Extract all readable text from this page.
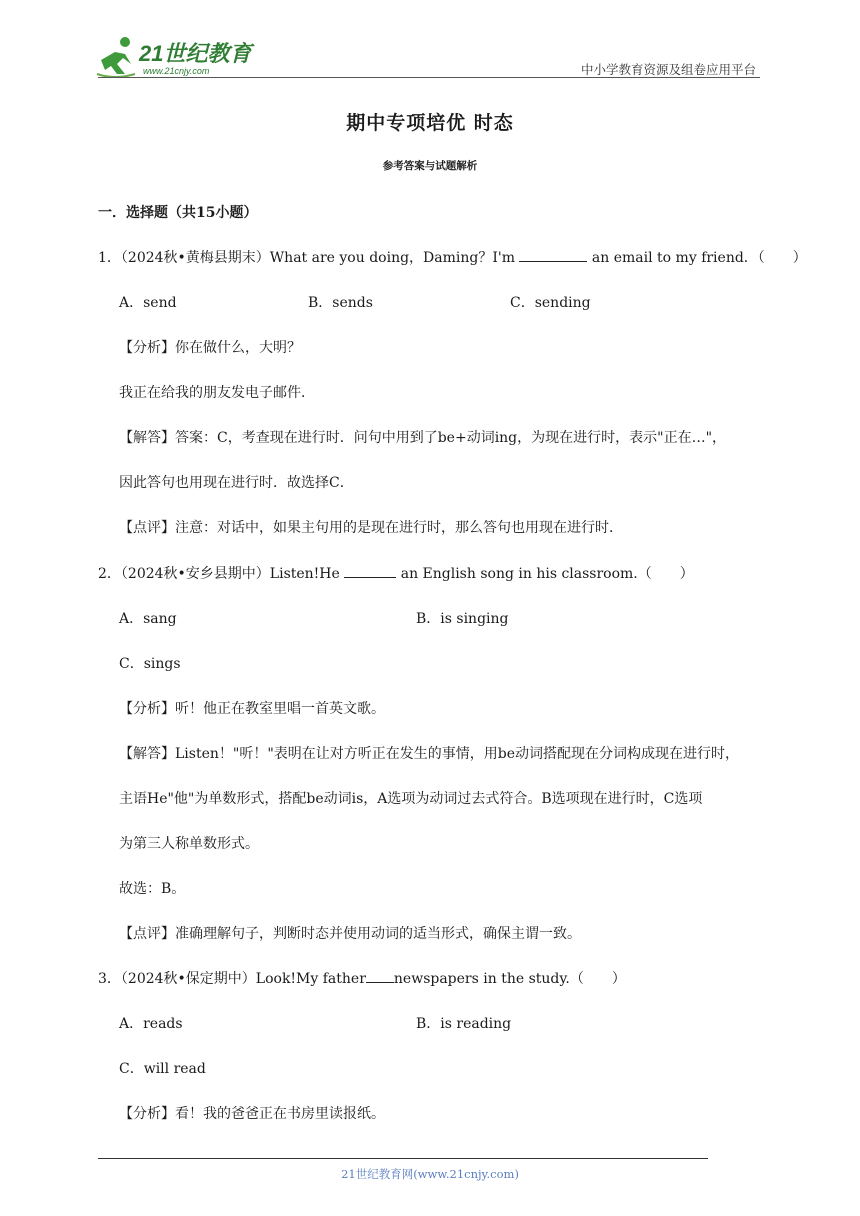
21世纪教育
www.21cnjy.com	中小学教育资源及组卷应用平台
期中专项培优 时态
参考答案与试题解析
一．选择题（共15小题）
1．（2024秋•黄梅县期末）What are you doing，Daming？I'm	an email to my friend．（　　）
A．send	B．sends	C．sending
【分析】你在做什么，大明？
我正在给我的朋友发电子邮件．
【解答】答案：C，考查现在进行时．问句中用到了be+动词ing，为现在进行时，表示"正在…"，
因此答句也用现在进行时．故选择C．
【点评】注意：对话中，如果主句用的是现在进行时，那么答句也用现在进行时．
2．（2024秋•安乡县期中）Listen!He	an English song in his classroom.（　　）
A．sang	B．is singing
C．sings
【分析】听！他正在教室里唱一首英文歌。
【解答】Listen！"听！"表明在让对方听正在发生的事情，用be动词搭配现在分词构成现在进行时，
主语He"他"为单数形式，搭配be动词is，A选项为动词过去式符合。B选项现在进行时，C选项
为第三人称单数形式。
故选：B。
【点评】准确理解句子，判断时态并使用动词的适当形式，确保主谓一致。
3．（2024秋•保定期中）Look!My father newspapers in the study.（　　）
A．reads	B．is reading
C．will read
【分析】看！我的爸爸正在书房里读报纸。
21世纪教育网(www.21cnjy.com)
